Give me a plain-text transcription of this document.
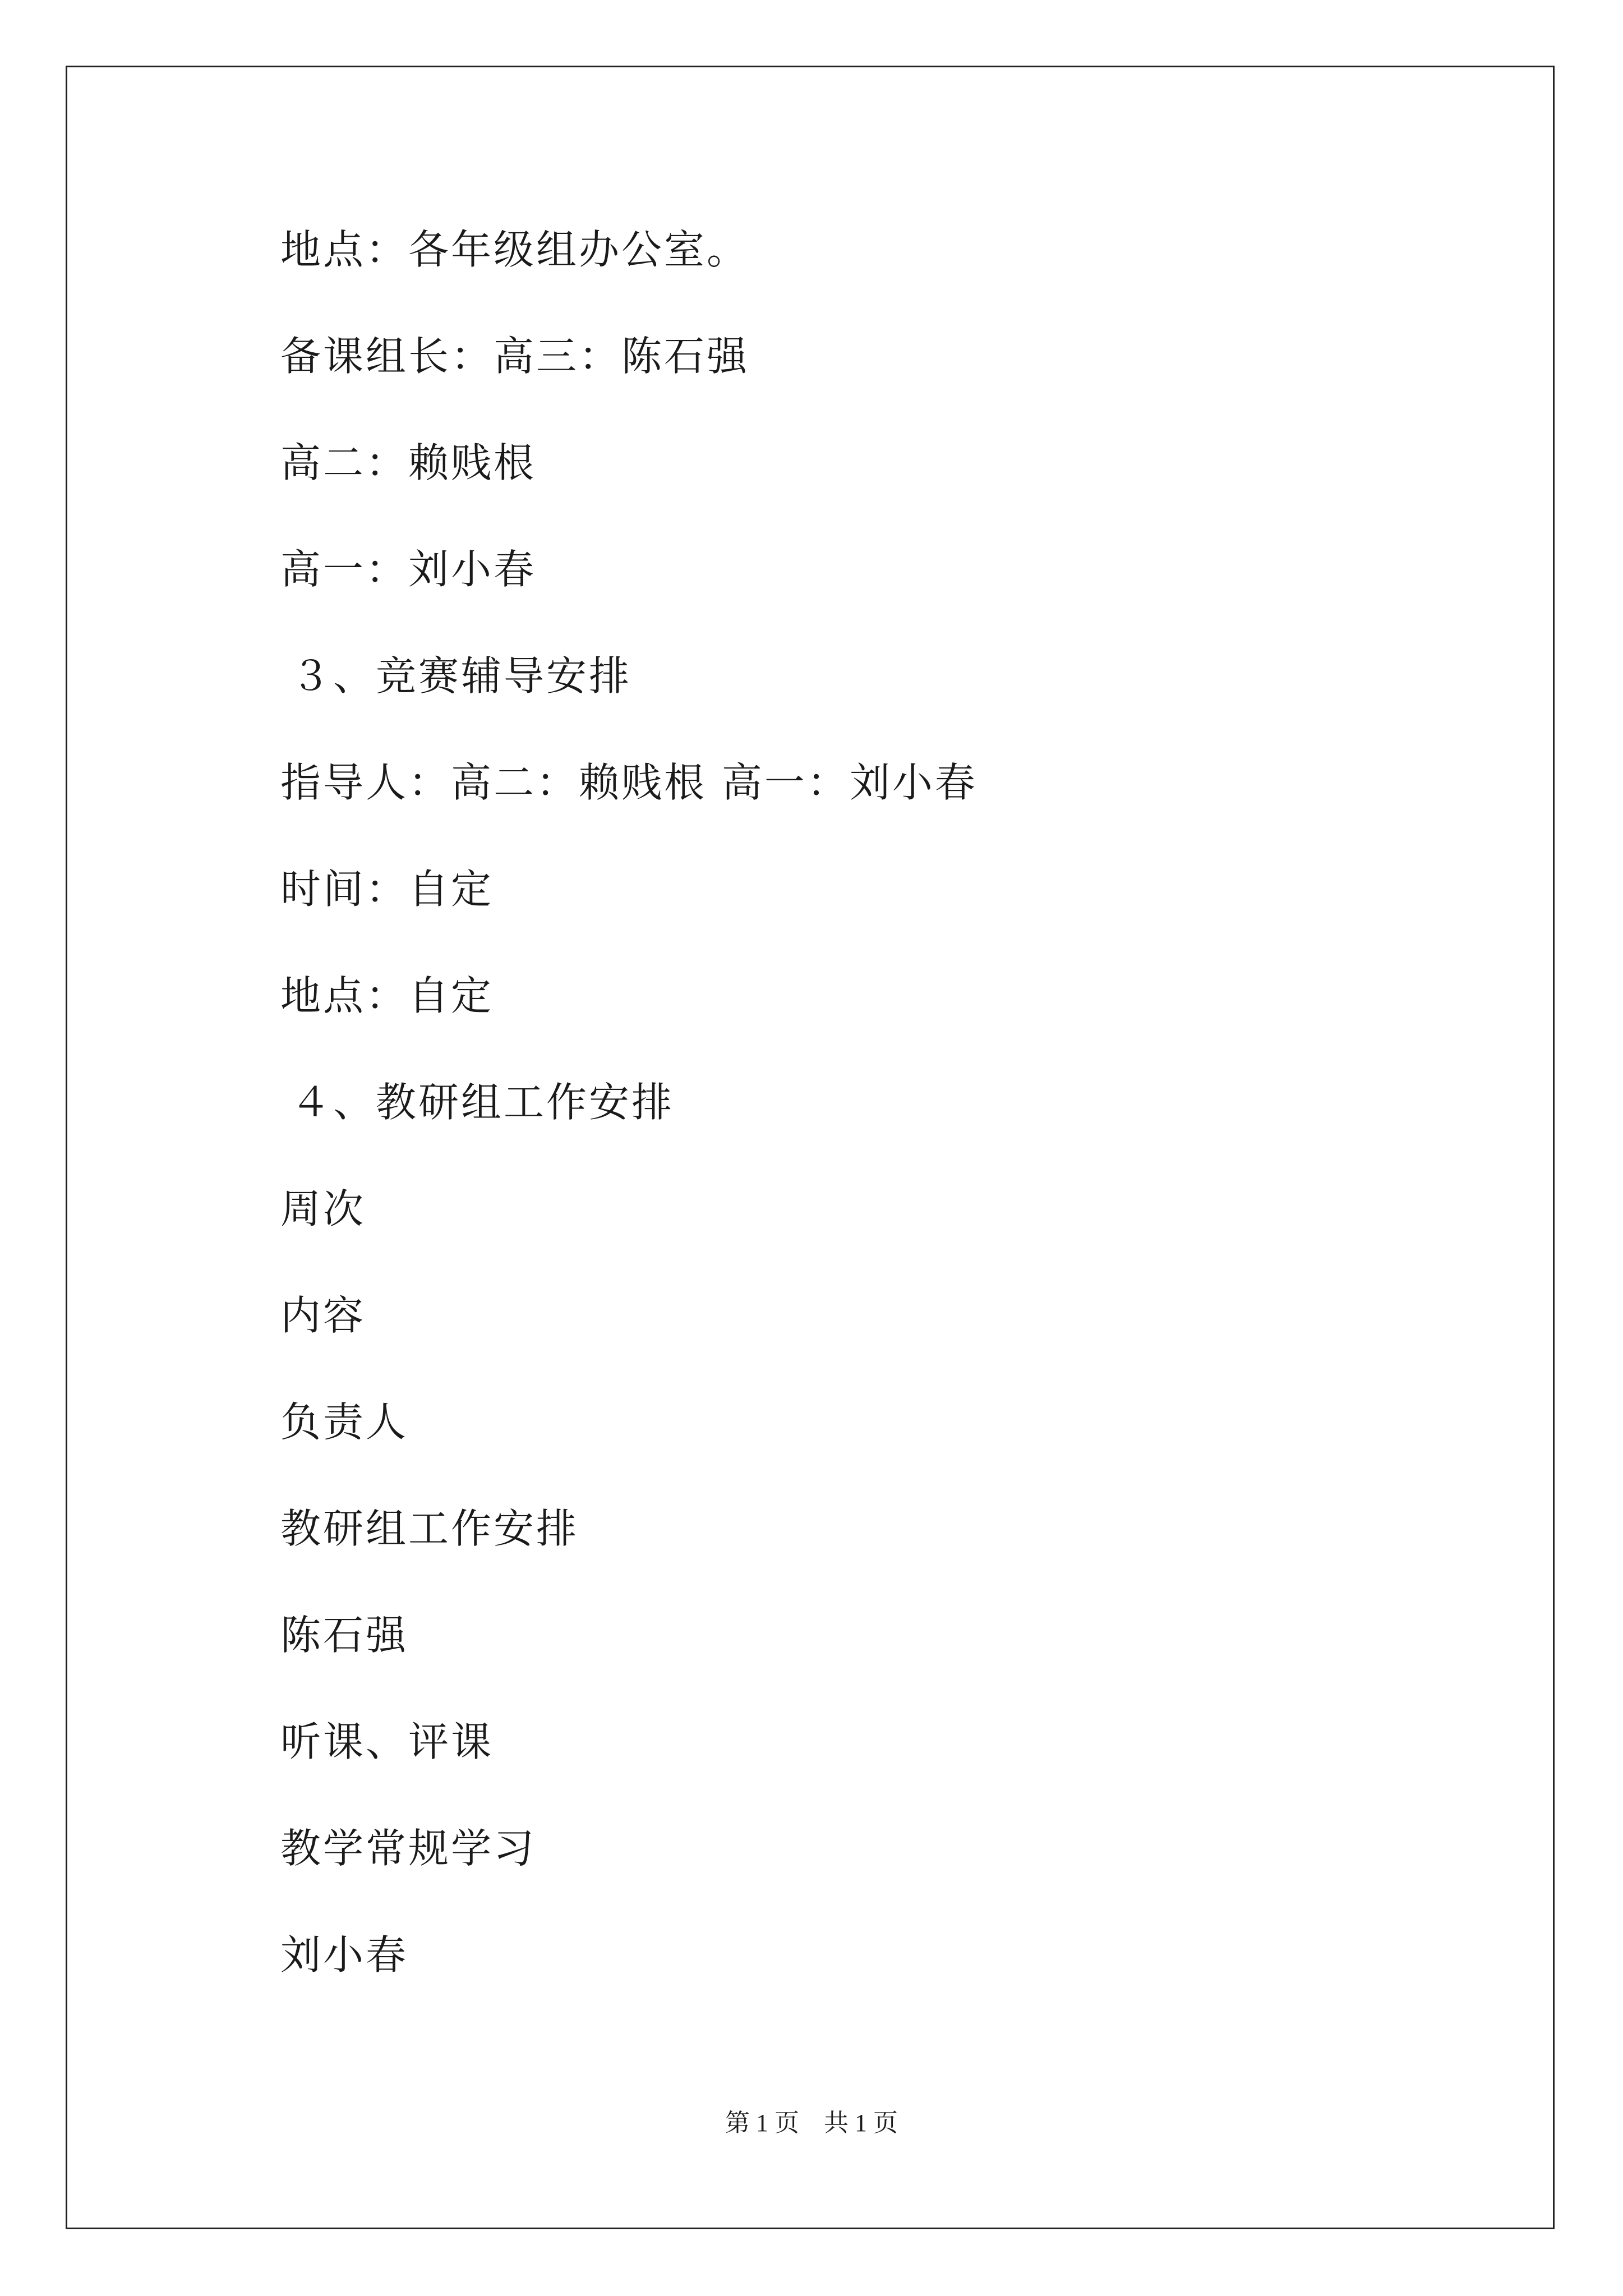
地点：各年级组办公室。
备课组长：高三：陈石强
高二：赖贱根
高一：刘小春
３、竞赛辅导安排
指导人：高二：赖贱根 高一：刘小春
时间：自定
地点：自定
４、教研组工作安排
周次
内容
负责人
教研组工作安排
陈石强
听课、评课
教学常规学习
刘小春
第 1 页　共 1 页
